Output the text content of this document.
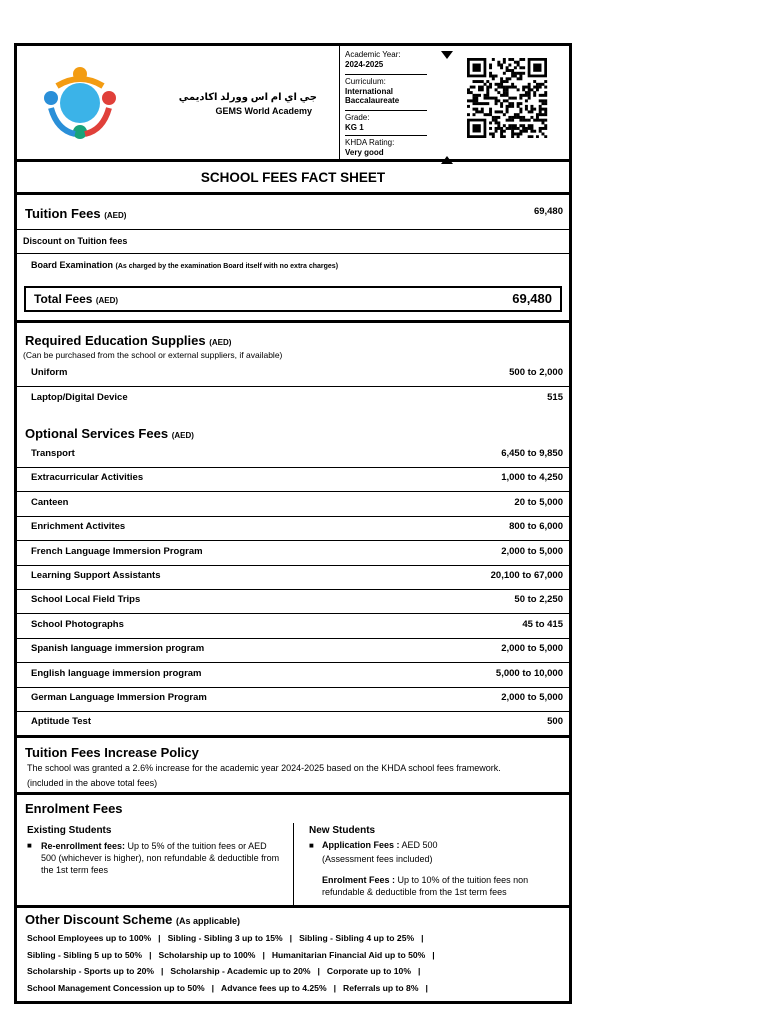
جي اي ام اس وورلد اكاديمي
GEMS World Academy
Academic Year:
2024-2025
Curriculum:
International Baccalaureate
Grade:
KG 1
KHDA Rating:
Very good
SCHOOL FEES FACT SHEET
Tuition Fees (AED)	69,480
Discount on Tuition fees
Board Examination (As charged by the examination Board itself with no extra charges)
Total Fees (AED)	69,480
Required Education Supplies (AED)
(Can be purchased from the school or external suppliers, if available)
Uniform	500 to 2,000
Laptop/Digital Device	515
Optional Services Fees (AED)
Transport	6,450 to 9,850
Extracurricular Activities	1,000 to 4,250
Canteen	20 to 5,000
Enrichment Activites	800 to 6,000
French Language Immersion Program	2,000 to 5,000
Learning Support Assistants	20,100 to 67,000
School Local Field Trips	50 to 2,250
School Photographs	45 to 415
Spanish language immersion program	2,000 to 5,000
English language immersion program	5,000 to 10,000
German Language Immersion Program	2,000 to 5,000
Aptitude Test	500
Tuition Fees Increase Policy
The school was granted a 2.6% increase for the academic year 2024-2025 based on the KHDA school fees framework.
(included in the above total fees)
Enrolment Fees
Existing Students
■	Re-enrollment fees: Up to 5% of the tuition fees or AED 500 (whichever is higher), non refundable & deductible from the 1st term fees
New Students
■ Application Fees : AED 500
(Assessment fees included)
Enrolment Fees : Up to 10% of the tuition fees non refundable & deductible from the 1st term fees
Other Discount Scheme (As applicable)
School Employees up to 100% | Sibling - Sibling 3 up to 15% | Sibling - Sibling 4 up to 25% |
Sibling - Sibling 5 up to 50% | Scholarship up to 100% | Humanitarian Financial Aid up to 50% |
Scholarship - Sports up to 20% | Scholarship - Academic up to 20% | Corporate up to 10% |
School Management Concession up to 50% | Advance fees up to 4.25% | Referrals up to 8% |
